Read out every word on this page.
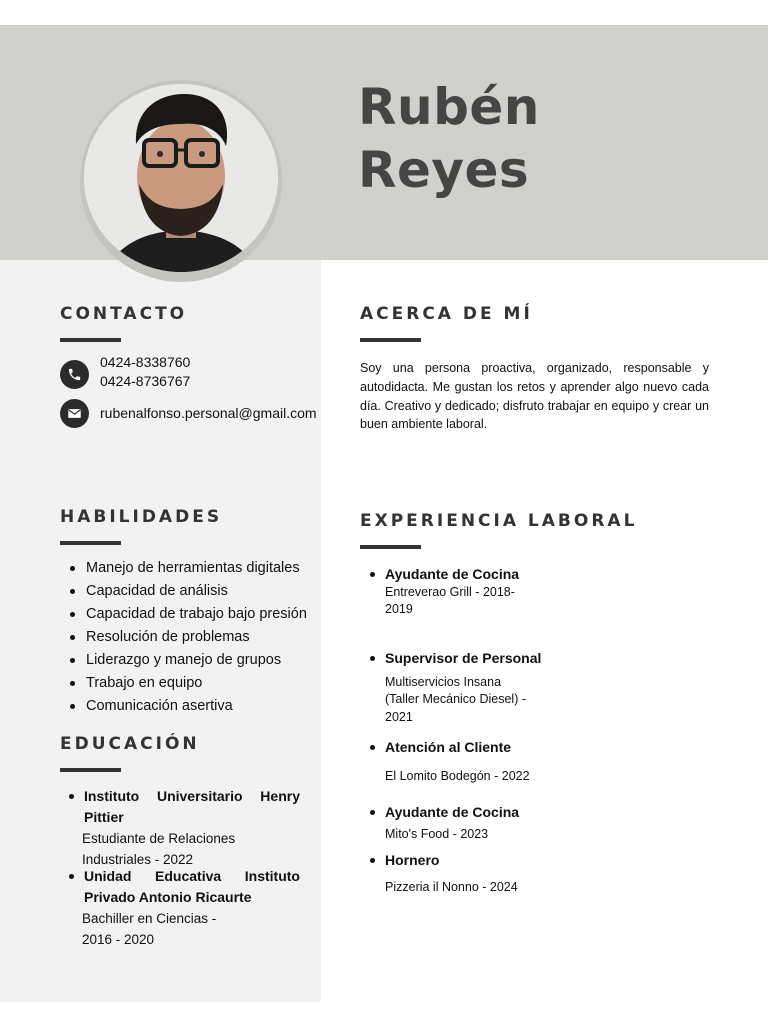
Rubén
Reyes
CONTACTO
0424-8338760
0424-8736767
rubenalfonso.personal@gmail.com
ACERCA DE MÍ
Soy una persona proactiva, organizado, responsable y autodidacta. Me gustan los retos y aprender algo nuevo cada día. Creativo y dedicado; disfruto trabajar en equipo y crear un buen ambiente laboral.
HABILIDADES
Manejo de herramientas digitales
Capacidad de análisis
Capacidad de trabajo bajo presión
Resolución de problemas
Liderazgo y manejo de grupos
Trabajo en equipo
Comunicación asertiva
EDUCACIÓN
Instituto Universitario Henry Pittier
Estudiante de Relaciones
Industriales - 2022
Unidad Educativa Instituto Privado Antonio Ricaurte
Bachiller en Ciencias -
2016 - 2020
EXPERIENCIA LABORAL
Ayudante de Cocina
Entreverao Grill - 2018-
2019
Supervisor de Personal
Multiservicios Insana
(Taller Mecánico Diesel) -
2021
Atención al Cliente
El Lomito Bodegón - 2022
Ayudante de Cocina
Mito's Food - 2023
Hornero
Pizzeria il Nonno - 2024
